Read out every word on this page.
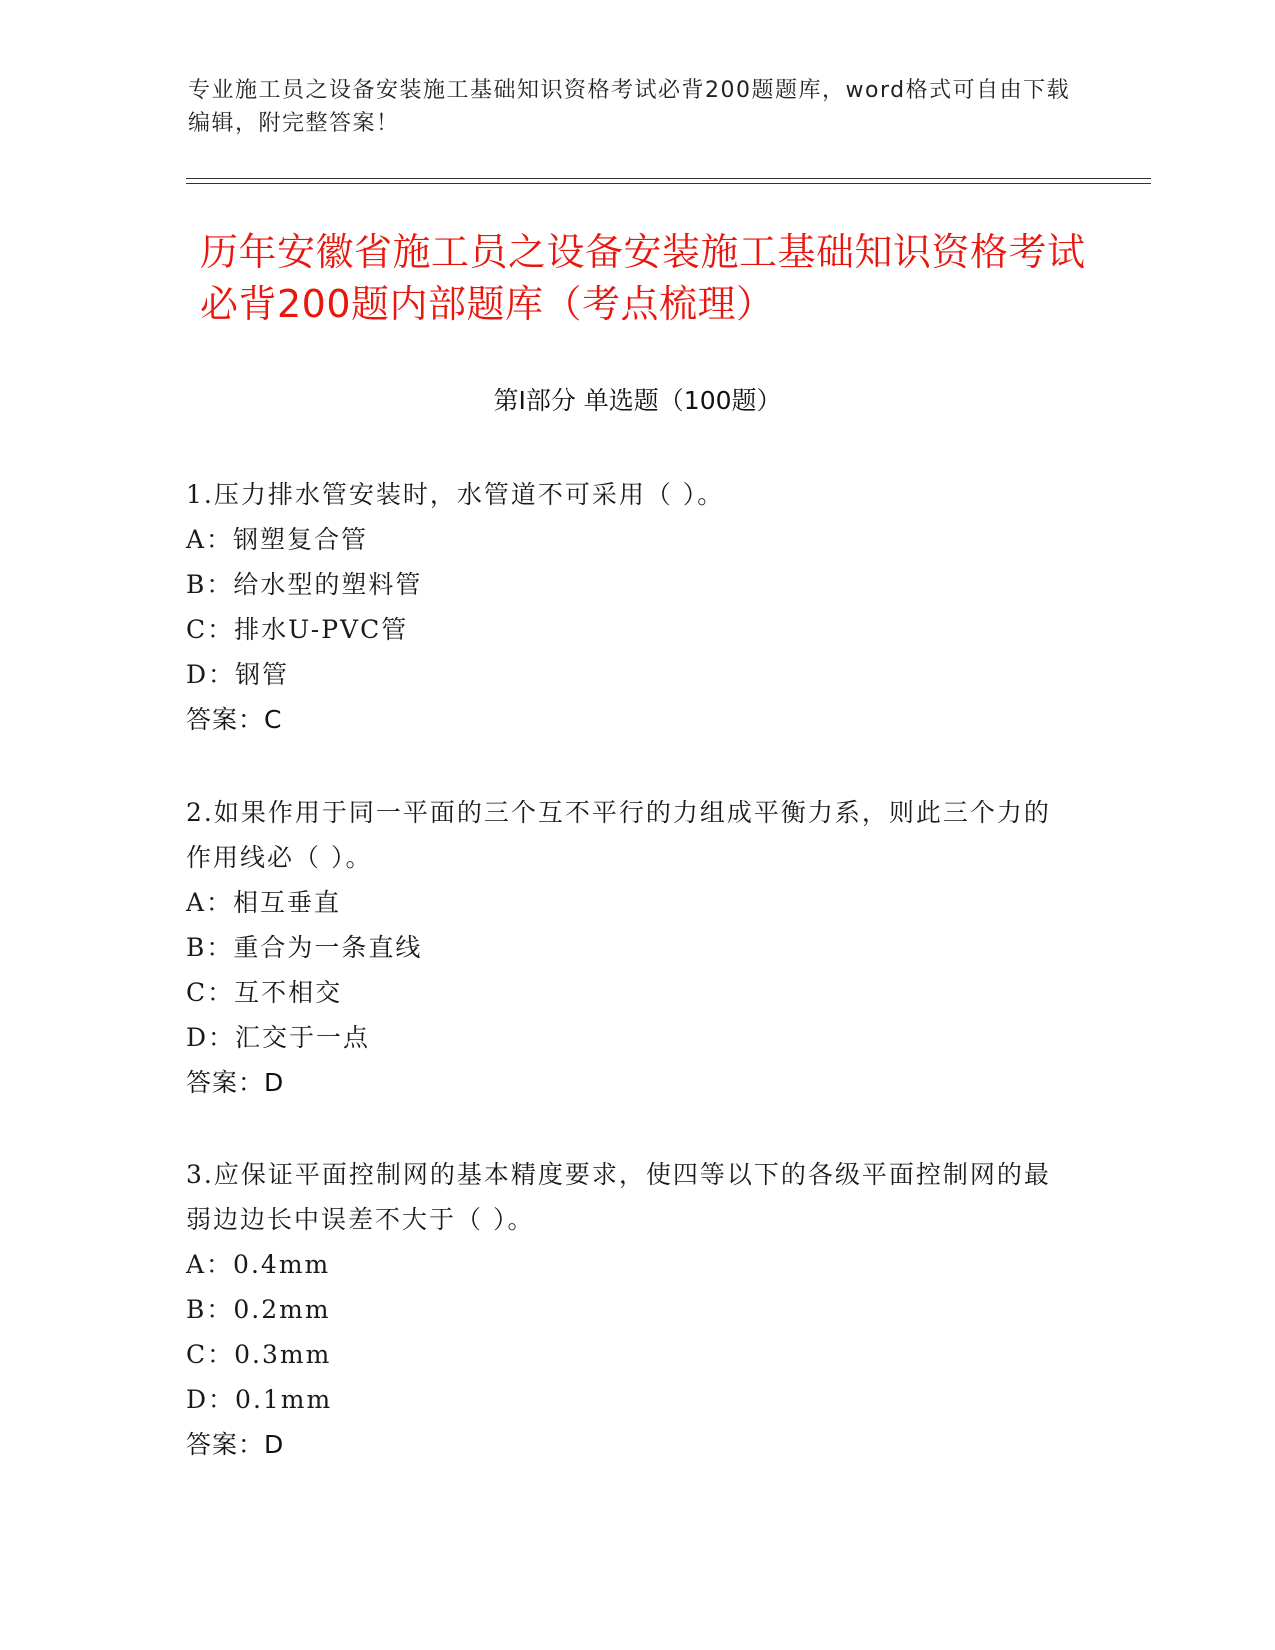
专业施工员之设备安装施工基础知识资格考试必背200题题库，word格式可自由下载编辑，附完整答案！
历年安徽省施工员之设备安装施工基础知识资格考试必背200题内部题库（考点梳理）
第I部分 单选题（100题）

1.压力排水管安装时，水管道不可采用（ ）。

A：钢塑复合管

B：给水型的塑料管

C：排水U-PVC管

D：钢管

答案：C

2.如果作用于同一平面的三个互不平行的力组成平衡力系，则此三个力的作用线必（ ）。

A：相互垂直

B：重合为一条直线

C：互不相交

D：汇交于一点

答案：D

3.应保证平面控制网的基本精度要求，使四等以下的各级平面控制网的最弱边边长中误差不大于（ ）。

A：0.4mm

B：0.2mm

C：0.3mm

D：0.1mm

答案：D
